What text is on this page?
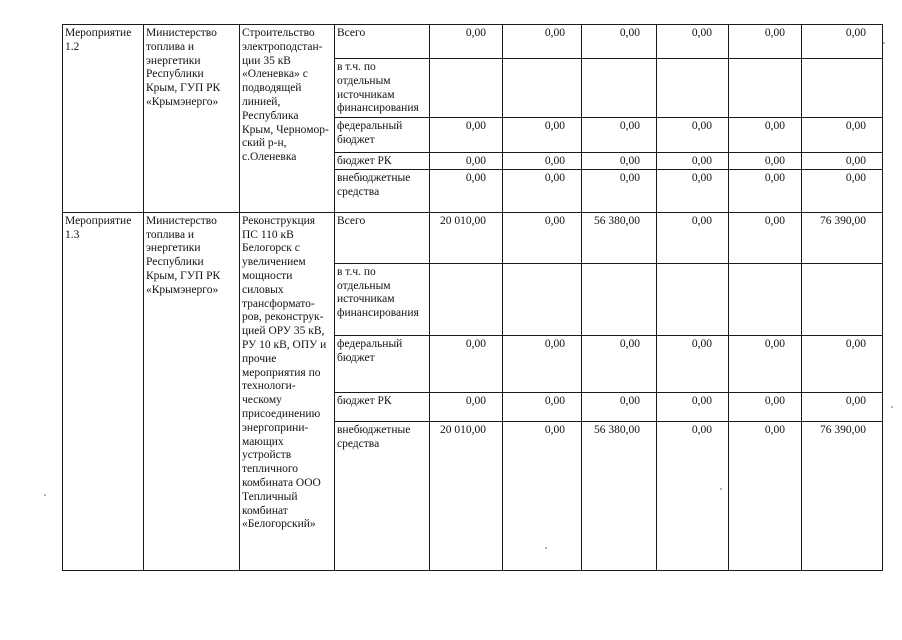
Мероприятие 1.2	Министерство топлива и энергетики Республики Крым, ГУП РК «Крымэнерго»	Строительство электроподстан-ции 35 кВ «Оленевка» с подводящей линией, Республика Крым, Черномор-ский р-н, с.Оленевка	Всего	0,00	0,00	0,00	0,00	0,00	0,00
			в т.ч. по отдельным источникам финансирования						
			федеральный бюджет	0,00	0,00	0,00	0,00	0,00	0,00
			бюджет РК	0,00	0,00	0,00	0,00	0,00	0,00
			внебюджетные средства	0,00	0,00	0,00	0,00	0,00	0,00
Мероприятие 1.3	Министерство топлива и энергетики Республики Крым, ГУП РК «Крымэнерго»	Реконструкция ПС 110 кВ Белогорск с увеличением мощности силовых трансформато-ров, реконструк-цией ОРУ 35 кВ, РУ 10 кВ, ОПУ и прочие мероприятия по технологи-ческому присоединению энергоприни-мающих устройств тепличного комбината ООО Тепличный комбинат «Белогорский»	Всего	20 010,00	0,00	56 380,00	0,00	0,00	76 390,00
			в т.ч. по отдельным источникам финансирования						
			федеральный бюджет	0,00	0,00	0,00	0,00	0,00	0,00
			бюджет РК	0,00	0,00	0,00	0,00	0,00	0,00
			внебюджетные средства	20 010,00	0,00	56 380,00	0,00	0,00	76 390,00
